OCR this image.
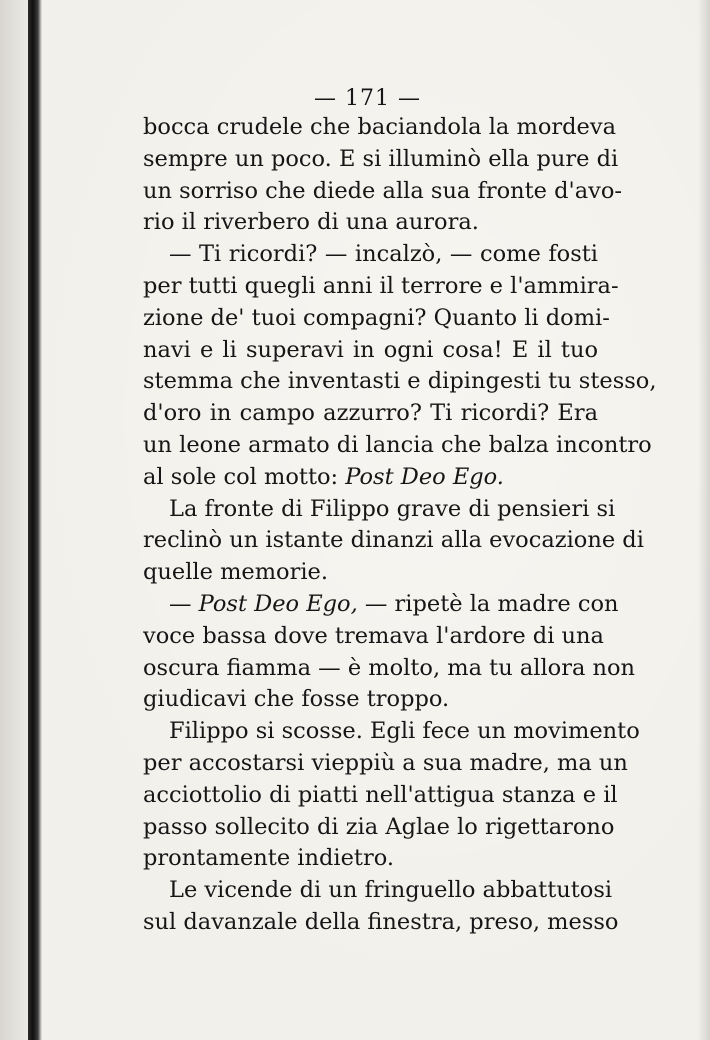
— 171 —
bocca crudele che baciandola la mordeva
sempre un poco. E si illuminò ella pure di
un sorriso che diede alla sua fronte d'avo-
rio il riverbero di una aurora.
— Ti ricordi? — incalzò, — come fosti
per tutti quegli anni il terrore e l'ammira-
zione de' tuoi compagni? Quanto li domi-
navi e li superavi in ogni cosa! E il tuo
stemma che inventasti e dipingesti tu stesso,
d'oro in campo azzurro? Ti ricordi? Era
un leone armato di lancia che balza incontro
al sole col motto: Post Deo Ego.
La fronte di Filippo grave di pensieri si
reclinò un istante dinanzi alla evocazione di
quelle memorie.
— Post Deo Ego, — ripetè la madre con
voce bassa dove tremava l'ardore di una
oscura fiamma — è molto, ma tu allora non
giudicavi che fosse troppo.
Filippo si scosse. Egli fece un movimento
per accostarsi vieppiù a sua madre, ma un
acciottolio di piatti nell'attigua stanza e il
passo sollecito di zia Aglae lo rigettarono
prontamente indietro.
Le vicende di un fringuello abbattutosi
sul davanzale della finestra, preso, messo
